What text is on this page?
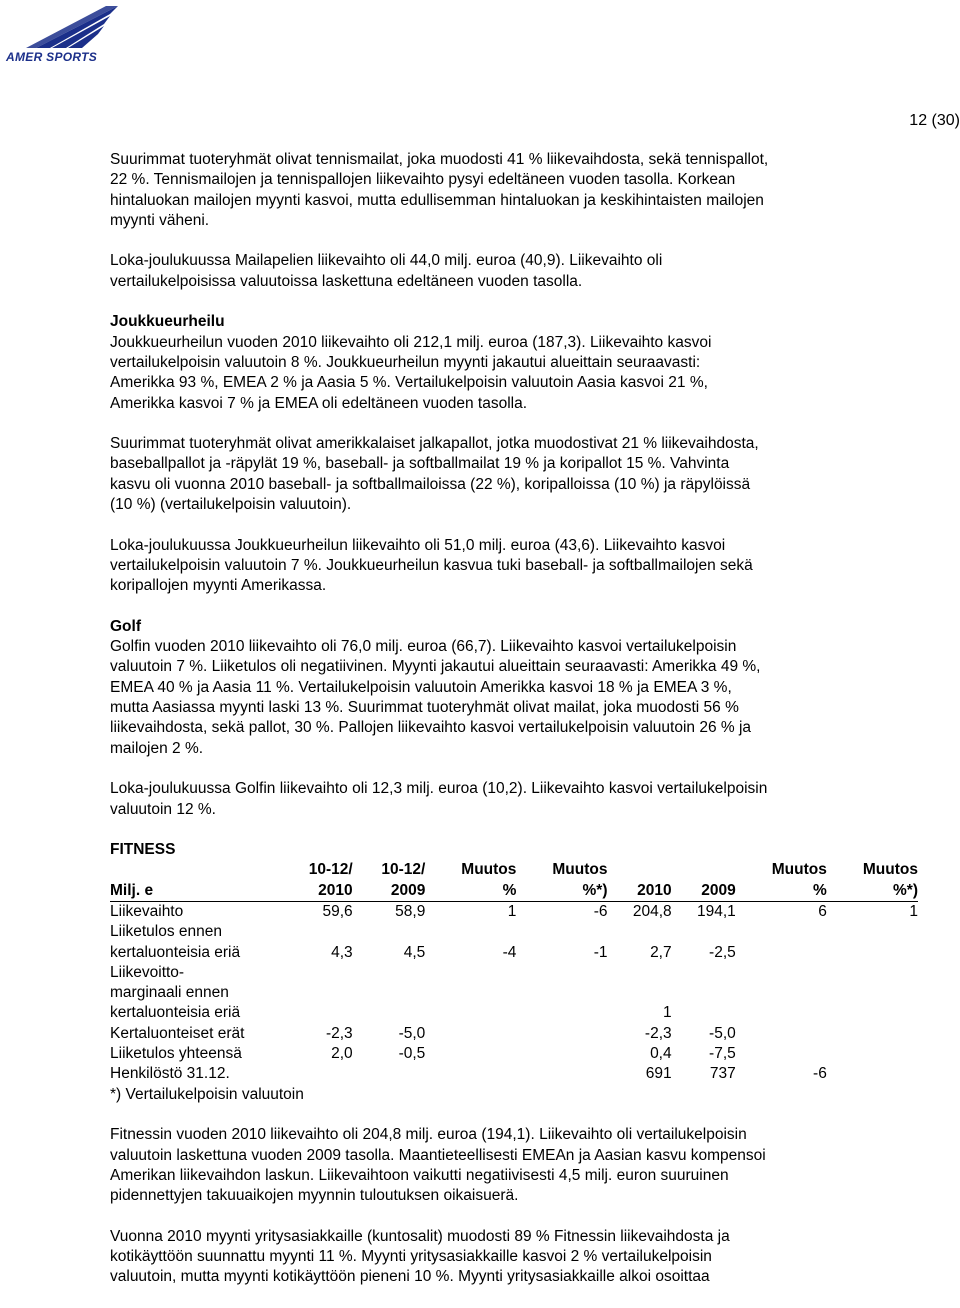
AMER SPORTS
12 (30)

Suurimmat tuoteryhmät olivat tennismailat, joka muodosti 41 % liikevaihdosta, sekä tennispallot,
22 %. Tennismailojen ja tennispallojen liikevaihto pysyi edeltäneen vuoden tasolla. Korkean
hintaluokan mailojen myynti kasvoi, mutta edullisemman hintaluokan ja keskihintaisten mailojen
myynti väheni.

Loka-joulukuussa Mailapelien liikevaihto oli 44,0 milj. euroa (40,9). Liikevaihto oli
vertailukelpoisissa valuutoissa laskettuna edeltäneen vuoden tasolla.

Joukkueurheilu

Joukkueurheilun vuoden 2010 liikevaihto oli 212,1 milj. euroa (187,3). Liikevaihto kasvoi
vertailukelpoisin valuutoin 8 %. Joukkueurheilun myynti jakautui alueittain seuraavasti:
Amerikka 93 %, EMEA 2 % ja Aasia 5 %. Vertailukelpoisin valuutoin Aasia kasvoi 21 %,
Amerikka kasvoi 7 % ja EMEA oli edeltäneen vuoden tasolla.

Suurimmat tuoteryhmät olivat amerikkalaiset jalkapallot, jotka muodostivat 21 % liikevaihdosta,
baseballpallot ja -räpylät 19 %, baseball- ja softballmailat 19 % ja koripallot 15 %. Vahvinta
kasvu oli vuonna 2010 baseball- ja softballmailoissa (22 %), koripalloissa (10 %) ja räpylöissä
(10 %) (vertailukelpoisin valuutoin).

Loka-joulukuussa Joukkueurheilun liikevaihto oli 51,0 milj. euroa (43,6). Liikevaihto kasvoi
vertailukelpoisin valuutoin 7 %. Joukkueurheilun kasvua tuki baseball- ja softballmailojen sekä
koripallojen myynti Amerikassa.

Golf

Golfin vuoden 2010 liikevaihto oli 76,0 milj. euroa (66,7). Liikevaihto kasvoi vertailukelpoisin
valuutoin 7 %. Liiketulos oli negatiivinen. Myynti jakautui alueittain seuraavasti: Amerikka 49 %,
EMEA 40 % ja Aasia 11 %. Vertailukelpoisin valuutoin Amerikka kasvoi 18 % ja EMEA 3 %,
mutta Aasiassa myynti laski 13 %. Suurimmat tuoteryhmät olivat mailat, joka muodosti 56 %
liikevaihdosta, sekä pallot, 30 %. Pallojen liikevaihto kasvoi vertailukelpoisin valuutoin 26 % ja
mailojen 2 %.

Loka-joulukuussa Golfin liikevaihto oli 12,3 milj. euroa (10,2). Liikevaihto kasvoi vertailukelpoisin
valuutoin 12 %.

FITNESS
	10-12/	10-12/	Muutos	Muutos			Muutos	Muutos
Milj. e	2010	2009	%	%*)	2010	2009	%	%*)
Liikevaihto	59,6	58,9	1	-6	204,8	194,1	6	1
Liiketulos ennen								
kertaluonteisia eriä	4,3	4,5	-4	-1	2,7	-2,5		
Liikevoitto-								
marginaali ennen								
kertaluonteisia eriä					1			
Kertaluonteiset erät	-2,3	-5,0			-2,3	-5,0		
Liiketulos yhteensä	2,0	-0,5			0,4	-7,5		
Henkilöstö 31.12.					691	737	-6	
*) Vertailukelpoisin valuutoin								

Fitnessin vuoden 2010 liikevaihto oli 204,8 milj. euroa (194,1). Liikevaihto oli vertailukelpoisin
valuutoin laskettuna vuoden 2009 tasolla. Maantieteellisesti EMEAn ja Aasian kasvu kompensoi
Amerikan liikevaihdon laskun. Liikevaihtoon vaikutti negatiivisesti 4,5 milj. euron suuruinen
pidennettyjen takuuaikojen myynnin tuloutuksen oikaisuerä.

Vuonna 2010 myynti yritysasiakkaille (kuntosalit) muodosti 89 % Fitnessin liikevaihdosta ja
kotikäyttöön suunnattu myynti 11 %. Myynti yritysasiakkaille kasvoi 2 % vertailukelpoisin
valuutoin, mutta myynti kotikäyttöön pieneni 10 %. Myynti yritysasiakkaille alkoi osoittaa
